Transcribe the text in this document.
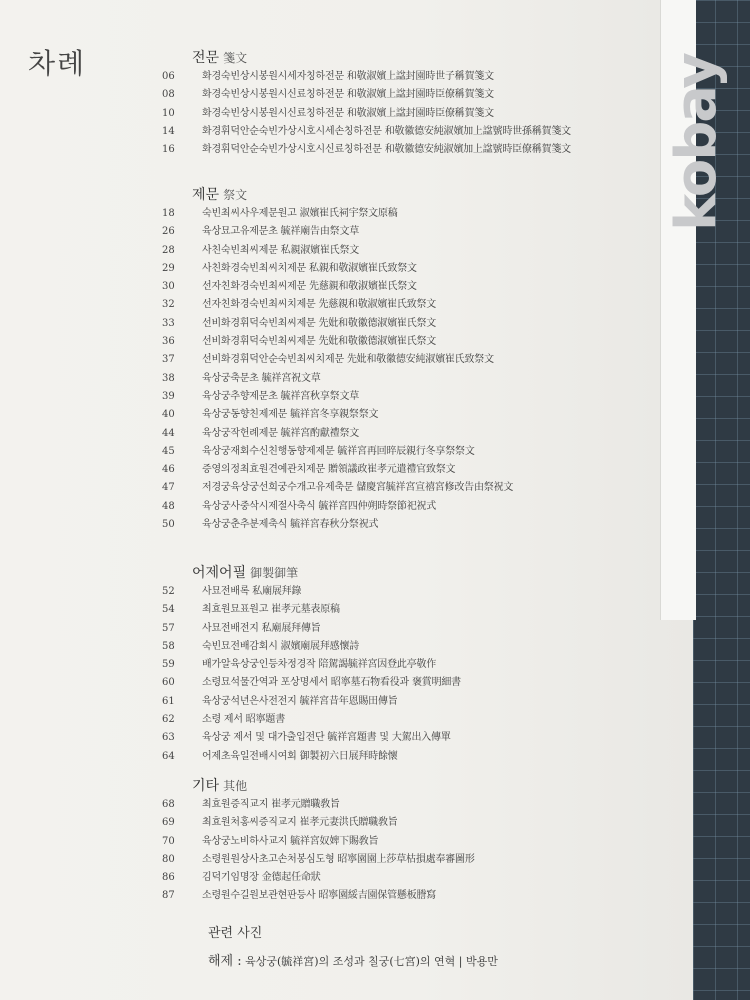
kobay
차례	전문 箋文
06	화경숙빈상시봉원시세자칭하전문 和敬淑嬪上諡封園時世子稱賀箋文
08	화경숙빈상시봉원시신료칭하전문 和敬淑嬪上諡封園時臣僚稱賀箋文
10	화경숙빈상시봉원시신료칭하전문 和敬淑嬪上諡封園時臣僚稱賀箋文
14	화경휘덕안순숙빈가상시호시세손칭하전문 和敬徽德安純淑嬪加上諡號時世孫稱賀箋文
16	화경휘덕안순숙빈가상시호시신료칭하전문 和敬徽德安純淑嬪加上諡號時臣僚稱賀箋文
제문 祭文
18	숙빈최씨사우제문원고 淑嬪崔氏祠宇祭文原稿
26	육상묘고유제문초 毓祥廟告由祭文草
28	사친숙빈최씨제문 私親淑嬪崔氏祭文
29	사친화경숙빈최씨치제문 私親和敬淑嬪崔氏致祭文
30	선자친화경숙빈최씨제문 先慈親和敬淑嬪崔氏祭文
32	선자친화경숙빈최씨치제문 先慈親和敬淑嬪崔氏致祭文
33	선비화경휘덕숙빈최씨제문 先妣和敬徽德淑嬪崔氏祭文
36	선비화경휘덕숙빈최씨제문 先妣和敬徽德淑嬪崔氏祭文
37	선비화경휘덕안순숙빈최씨치제문 先妣和敬徽德安純淑嬪崔氏致祭文
38	육상궁축문초 毓祥宮祝文草
39	육상궁추향제문초 毓祥宮秋享祭文草
40	육상궁동향친제제문 毓祥宮冬享親祭祭文
44	육상궁작헌례제문 毓祥宮酌獻禮祭文
45	육상궁재회수신친행동향제제문 毓祥宮再回晬辰親行冬享祭祭文
46	증영의정최효원견예관치제문 贈領議政崔孝元遣禮官致祭文
47	저경궁육상궁선희궁수개고유제축문 儲慶宮毓祥宮宣禧宮修改告由祭祝文
48	육상궁사중삭시제절사축식 毓祥宮四仲朔時祭節祀祝式
50	육상궁춘추분제축식 毓祥宮春秋分祭祝式
어제어필 御製御筆
52	사묘전배록 私廟展拜錄
54	최효원묘표원고 崔孝元墓表原稿
57	사묘전배전지 私廟展拜傳旨
58	숙빈묘전배감회시 淑嬪廟展拜感懷詩
59	배가알육상궁인등차정경작 陪駕謁毓祥宮因登此亭敬作
60	소령묘석물간역과 포상명세서 昭寧墓石物看役과 褒賞明細書
61	육상궁석년은사전전지 毓祥宮昔年恩賜田傳旨
62	소령 제서 昭寧題書
63	육상궁 제서 및 대가출입전단 毓祥宮題書 및 大駕出入傳單
64	어제초육일전배시여회 御製初六日展拜時餘懷
기타 其他
68	최효원증직교지 崔孝元贈職敎旨
69	최효원처홍씨증직교지 崔孝元妻洪氏贈職敎旨
70	육상궁노비하사교지 毓祥宮奴婢下賜敎旨
80	소령원원상사초고손처봉심도형 昭寧園園上莎草枯損處奉審圖形
86	김덕기임명장 金德起任命狀
87	소령원수길원보관현판등사 昭寧園綏吉園保管懸板謄寫
관련 사진
해제 : 육상궁(毓祥宮)의 조성과 칠궁(七宮)의 연혁 | 박용만
